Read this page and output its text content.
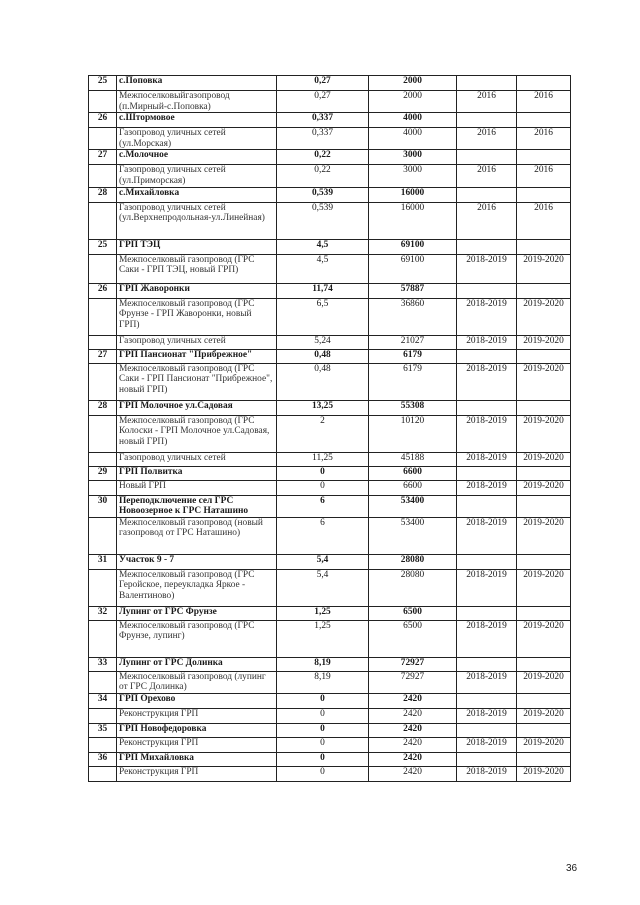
25	с.Поповка	0,27	2000		
	Межпоселковыйгазопровод (п.Мирный-с.Поповка)	0,27	2000	2016	2016
26	с.Штормовое	0,337	4000		
	Газопровод уличных сетей (ул.Морская)	0,337	4000	2016	2016
27	с.Молочное	0,22	3000		
	Газопровод уличных сетей (ул.Приморская)	0,22	3000	2016	2016
28	с.Михайловка	0,539	16000		
	Газопровод уличных сетей (ул.Верхнепродольная-ул.Линейная)	0,539	16000	2016	2016
25	ГРП ТЭЦ	4,5	69100		
	Межпоселковый газопровод (ГРС Саки - ГРП ТЭЦ, новый ГРП)	4,5	69100	2018-2019	2019-2020
26	ГРП Жаворонки	11,74	57887		
	Межпоселковый газопровод (ГРС Фрунзе - ГРП Жаворонки, новый ГРП)	6,5	36860	2018-2019	2019-2020
	Газопровод уличных сетей	5,24	21027	2018-2019	2019-2020
27	ГРП Пансионат "Прибрежное"	0,48	6179		
	Межпоселковый газопровод (ГРС Саки - ГРП Пансионат "Прибрежное", новый ГРП)	0,48	6179	2018-2019	2019-2020
28	ГРП Молочное ул.Садовая	13,25	55308		
	Межпоселковый газопровод (ГРС Колоски - ГРП Молочное ул.Садовая, новый ГРП)	2	10120	2018-2019	2019-2020
	Газопровод уличных сетей	11,25	45188	2018-2019	2019-2020
29	ГРП Полвитка	0	6600		
	Новый ГРП	0	6600	2018-2019	2019-2020
30	Переподключение сел ГРС Новоозерное к ГРС Наташино	6	53400		
	Межпоселковый газопровод (новый газопровод от ГРС Наташино)	6	53400	2018-2019	2019-2020
31	Участок 9 - 7	5,4	28080		
	Межпоселковый газопровод (ГРС Геройское, переукладка Яркое - Валентиново)	5,4	28080	2018-2019	2019-2020
32	Лупинг от ГРС Фрунзе	1,25	6500		
	Межпоселковый газопровод (ГРС Фрунзе, лупинг)	1,25	6500	2018-2019	2019-2020
33	Лупинг от ГРС Долинка	8,19	72927		
	Межпоселковый газопровод (лупинг от ГРС Долинка)	8,19	72927	2018-2019	2019-2020
34	ГРП Орехово	0	2420		
	Реконструкция ГРП	0	2420	2018-2019	2019-2020
35	ГРП Новофедоровка	0	2420		
	Реконструкция ГРП	0	2420	2018-2019	2019-2020
36	ГРП Михайловка	0	2420		
	Реконструкция ГРП	0	2420	2018-2019	2019-2020
36
